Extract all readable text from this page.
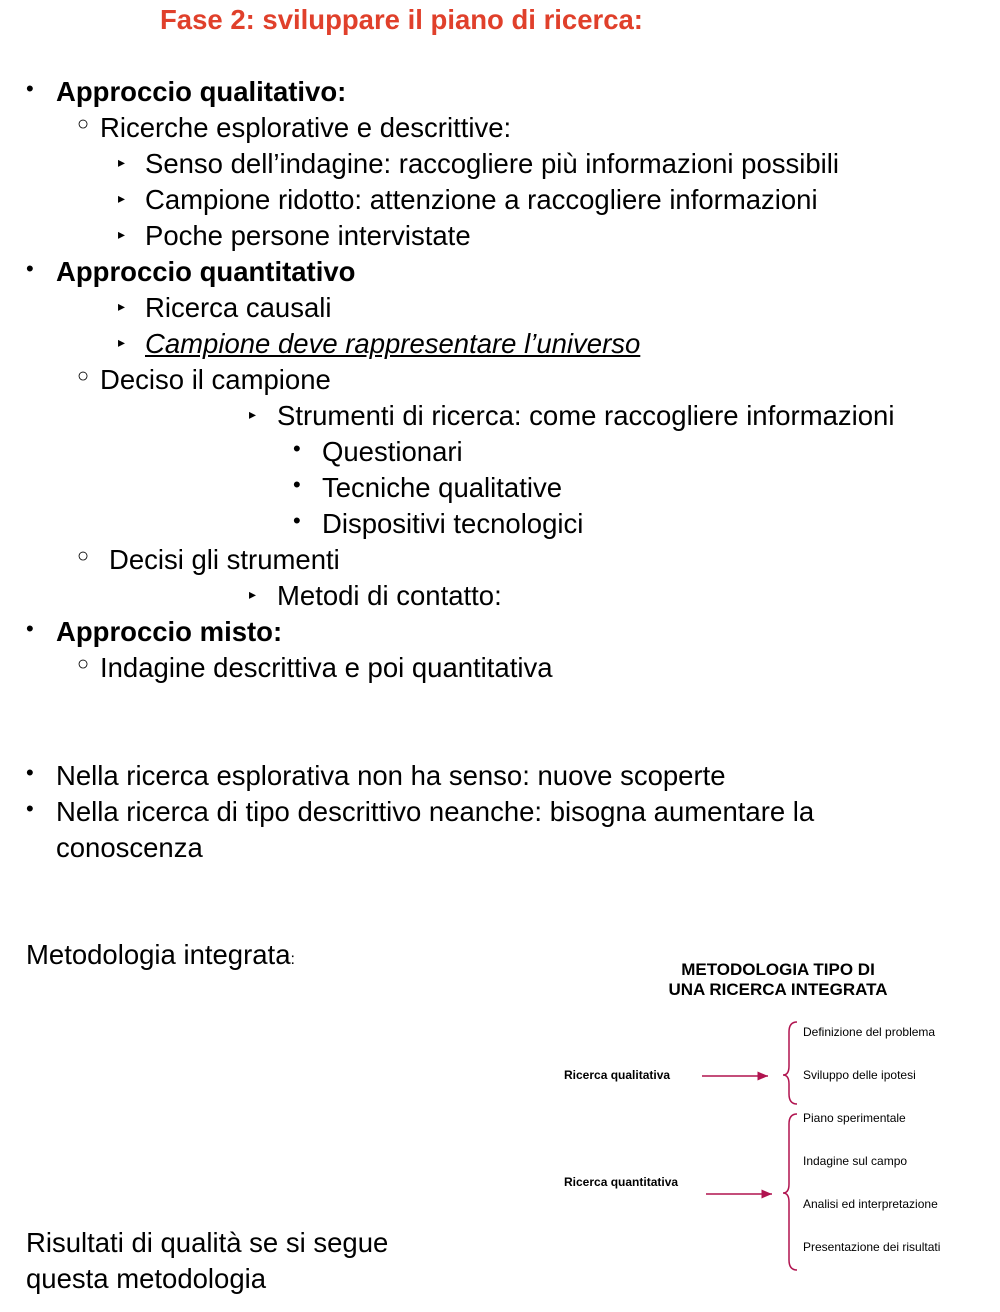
Fase 2: sviluppare il piano di ricerca:
• Approccio qualitativo:
○ Ricerche esplorative e descrittive:
▸ Senso dell’indagine: raccogliere più informazioni possibili
▸ Campione ridotto: attenzione a raccogliere informazioni
▸ Poche persone intervistate
• Approccio quantitativo
▸ Ricerca causali
▸ Campione deve rappresentare l’universo
○ Deciso il campione
▸ Strumenti di ricerca: come raccogliere informazioni
• Questionari
• Tecniche qualitative
• Dispositivi tecnologici
○ Decisi gli strumenti
▸ Metodi di contatto:
• Approccio misto:
○ Indagine descrittiva e poi quantitativa
• Nella ricerca esplorativa non ha senso: nuove scoperte
• Nella ricerca di tipo descrittivo neanche: bisogna aumentare la
conoscenza
Metodologia integrata:
Risultati di qualità se si segue
questa metodologia
METODOLOGIA TIPO DI
UNA RICERCA INTEGRATA
Ricerca qualitativa
Ricerca quantitativa
Definizione del problema
Sviluppo delle ipotesi
Piano sperimentale
Indagine sul campo
Analisi ed interpretazione
Presentazione dei risultati
